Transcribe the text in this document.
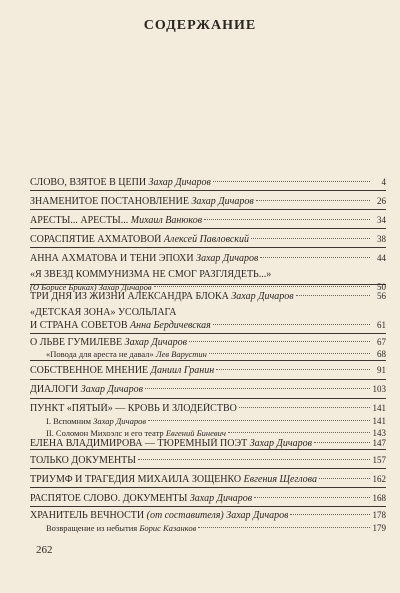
СОДЕРЖАНИЕ
СЛОВО, ВЗЯТОЕ В ЦЕПИ Захар Дичаров	4
ЗНАМЕНИТОЕ ПОСТАНОВЛЕНИЕ Захар Дичаров	26
АРЕСТЫ... АРЕСТЫ... Михаил Ванюков	34
СОРАСПЯТИЕ АХМАТОВОЙ Алексей Павловский	38
АННА АХМАТОВА И ТЕНИ ЭПОХИ Захар Дичаров	44
«Я ЗВЕЗД КОММУНИЗМА НЕ СМОГ РАЗГЛЯДЕТЬ...»
(О Борисе Бриках) Захар Дичаров	50
ТРИ ДНЯ ИЗ ЖИЗНИ АЛЕКСАНДРА БЛОКА Захар Дичаров	56
«ДЕТСКАЯ ЗОНА» УСОЛЬЛАГА
И СТРАНА СОВЕТОВ Анна Бердичевская	61
О ЛЬВЕ ГУМИЛЕВЕ Захар Дичаров	67
«Повода для ареста не давал» Лев Варустин	68
СОБСТВЕННОЕ МНЕНИЕ Даниил Гранин	91
ДИАЛОГИ Захар Дичаров	103
ПУНКТ «ПЯТЫЙ» — КРОВЬ И ЗЛОДЕЙСТВО	141
I. Вспомним Захар Дичаров	141
II. Соломон Михоэлс и его театр Евгений Биневич	143
ЕЛЕНА ВЛАДИМИРОВА — ТЮРЕМНЫЙ ПОЭТ Захар Дичаров	147
ТОЛЬКО ДОКУМЕНТЫ	157
ТРИУМФ И ТРАГЕДИЯ МИХАИЛА ЗОЩЕНКО Евгения Щеглова	162
РАСПЯТОЕ СЛОВО. ДОКУМЕНТЫ Захар Дичаров	168
ХРАНИТЕЛЬ ВЕЧНОСТИ (от составителя) Захар Дичаров	178
Возвращение из небытия Борис Казанков	179
262
